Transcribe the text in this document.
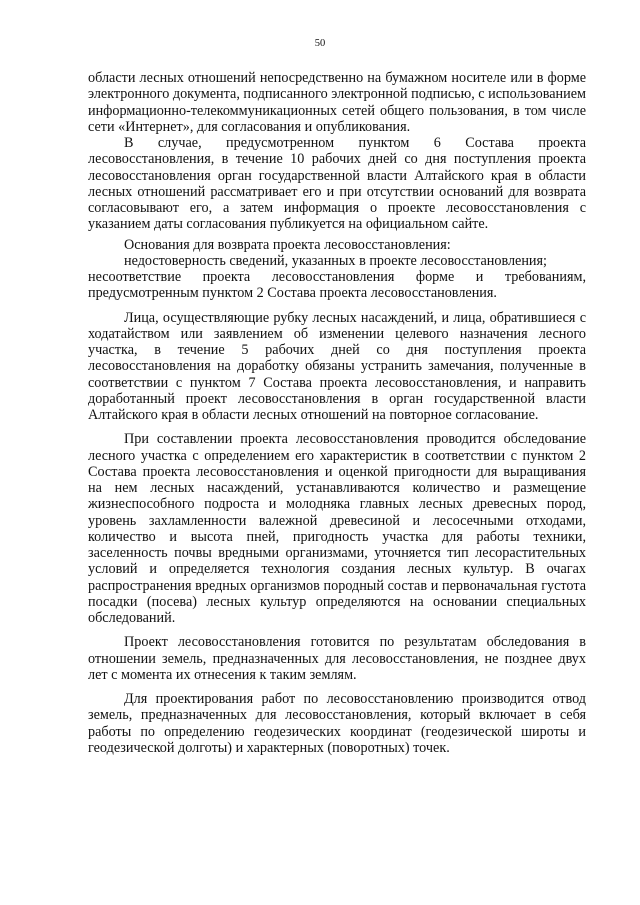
50

области лесных отношений непосредственно на бумажном носителе или в форме электронного документа, подписанного электронной подписью, с использованием информационно-телекоммуникационных сетей общего пользования, в том числе сети «Интернет», для согласования и опубликования.

В случае, предусмотренном пунктом 6 Состава проекта лесовосстановления, в течение 10 рабочих дней со дня поступления проекта лесовосстановления орган государственной власти Алтайского края в области лесных отношений рассматривает его и при отсутствии оснований для возврата согласовывают его, а затем информация о проекте лесовосстановления с указанием даты согласования публикуется на официальном сайте.

Основания для возврата проекта лесовосстановления:

недостоверность сведений, указанных в проекте лесовосстановления;

несоответствие проекта лесовосстановления форме и требованиям, предусмотренным пунктом 2 Состава проекта лесовосстановления.

Лица, осуществляющие рубку лесных насаждений, и лица, обратившиеся с ходатайством или заявлением об изменении целевого назначения лесного участка, в течение 5 рабочих дней со дня поступления проекта лесовосстановления на доработку обязаны устранить замечания, полученные в соответствии с пунктом 7 Состава проекта лесовосстановления, и направить доработанный проект лесовосстановления в орган государственной власти Алтайского края в области лесных отношений на повторное согласование.

При составлении проекта лесовосстановления проводится обследование лесного участка с определением его характеристик в соответствии с пунктом 2 Состава проекта лесовосстановления и оценкой пригодности для выращивания на нем лесных насаждений, устанавливаются количество и размещение жизнеспособного подроста и молодняка главных лесных древесных пород, уровень захламленности валежной древесиной и лесосечными отходами, количество и высота пней, пригодность участка для работы техники, заселенность почвы вредными организмами, уточняется тип лесорастительных условий и определяется технология создания лесных культур. В очагах распространения вредных организмов породный состав и первоначальная густота посадки (посева) лесных культур определяются на основании специальных обследований.

Проект лесовосстановления готовится по результатам обследования в отношении земель, предназначенных для лесовосстановления, не позднее двух лет с момента их отнесения к таким землям.

Для проектирования работ по лесовосстановлению производится отвод земель, предназначенных для лесовосстановления, который включает в себя работы по определению геодезических координат (геодезической широты и геодезической долготы) и характерных (поворотных) точек.
